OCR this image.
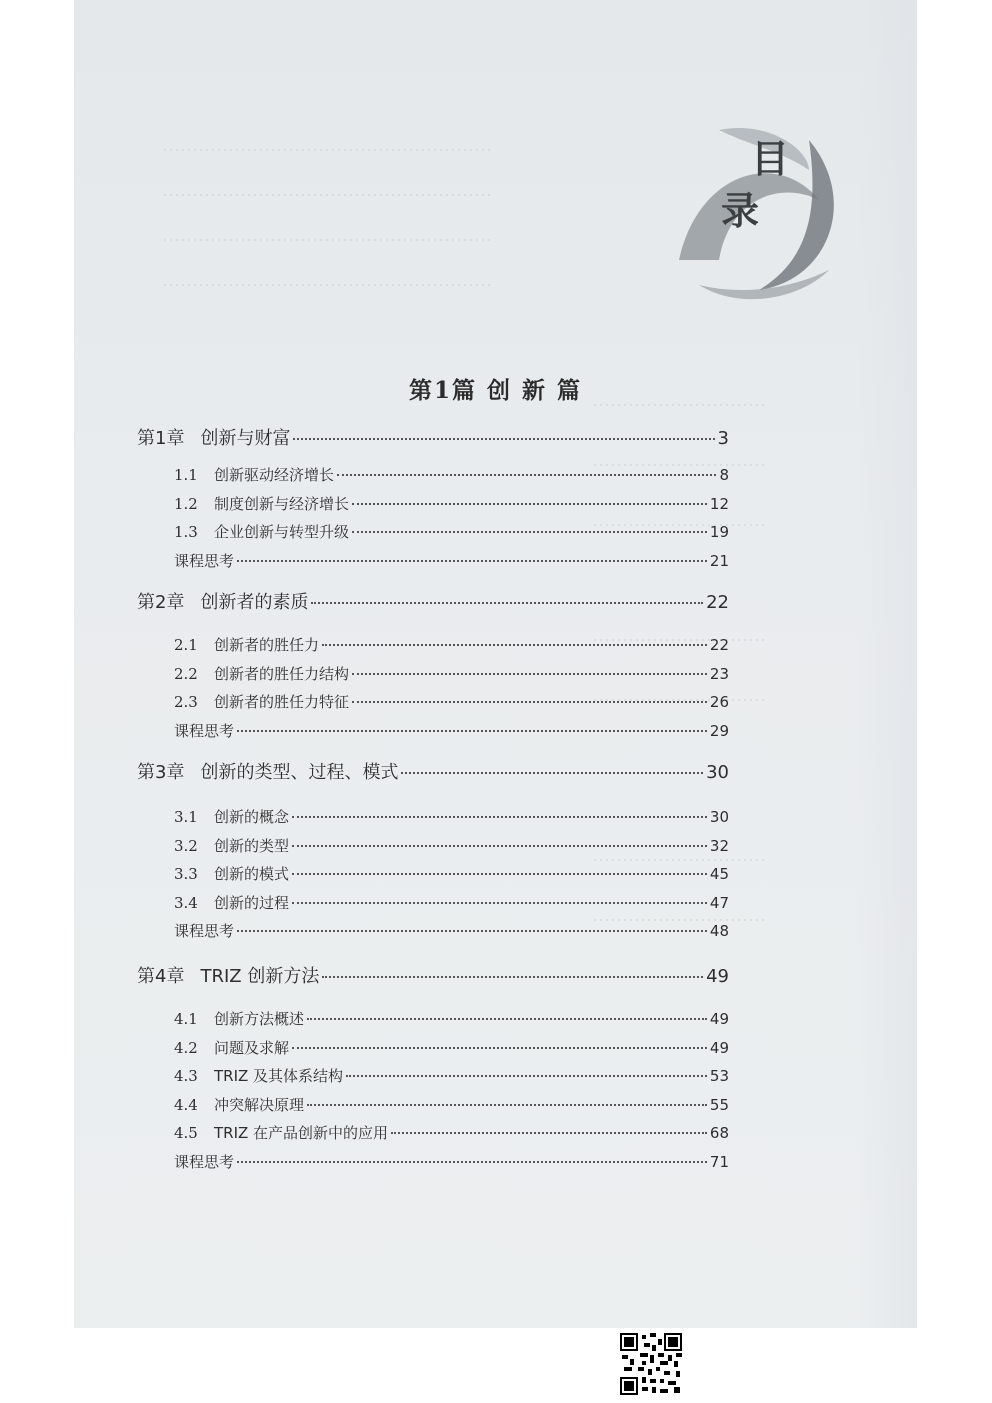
目
录
第1篇 创 新 篇
第1章 创新与财富	3
1.1 创新驱动经济增长	8
1.2 制度创新与经济增长	12
1.3 企业创新与转型升级	19
课程思考	21
第2章 创新者的素质	22
2.1 创新者的胜任力	22
2.2 创新者的胜任力结构	23
2.3 创新者的胜任力特征	26
课程思考	29
第3章 创新的类型、过程、模式	30
3.1 创新的概念	30
3.2 创新的类型	32
3.3 创新的模式	45
3.4 创新的过程	47
课程思考	48
第4章 TRIZ 创新方法	49
4.1 创新方法概述	49
4.2 问题及求解	49
4.3 TRIZ 及其体系结构	53
4.4 冲突解决原理	55
4.5 TRIZ 在产品创新中的应用	68
课程思考	71
